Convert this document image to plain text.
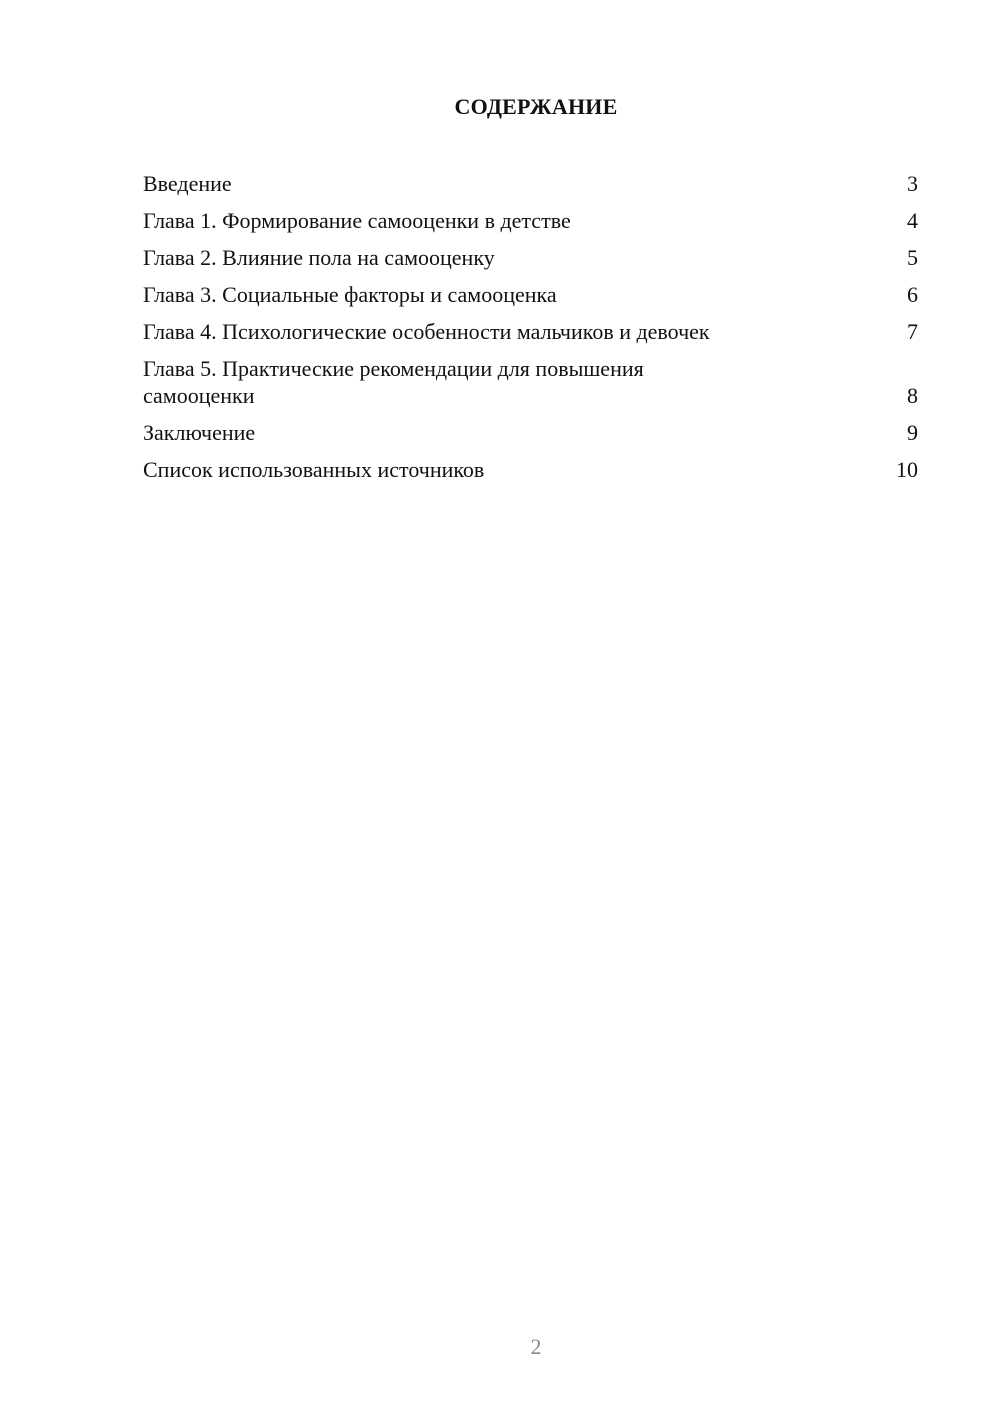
СОДЕРЖАНИЕ
Введение	3
Глава 1. Формирование самооценки в детстве	4
Глава 2. Влияние пола на самооценку	5
Глава 3. Социальные факторы и самооценка	6
Глава 4. Психологические особенности мальчиков и девочек	7
Глава 5. Практические рекомендации для повышения самооценки	8
Заключение	9
Список использованных источников	10
2
